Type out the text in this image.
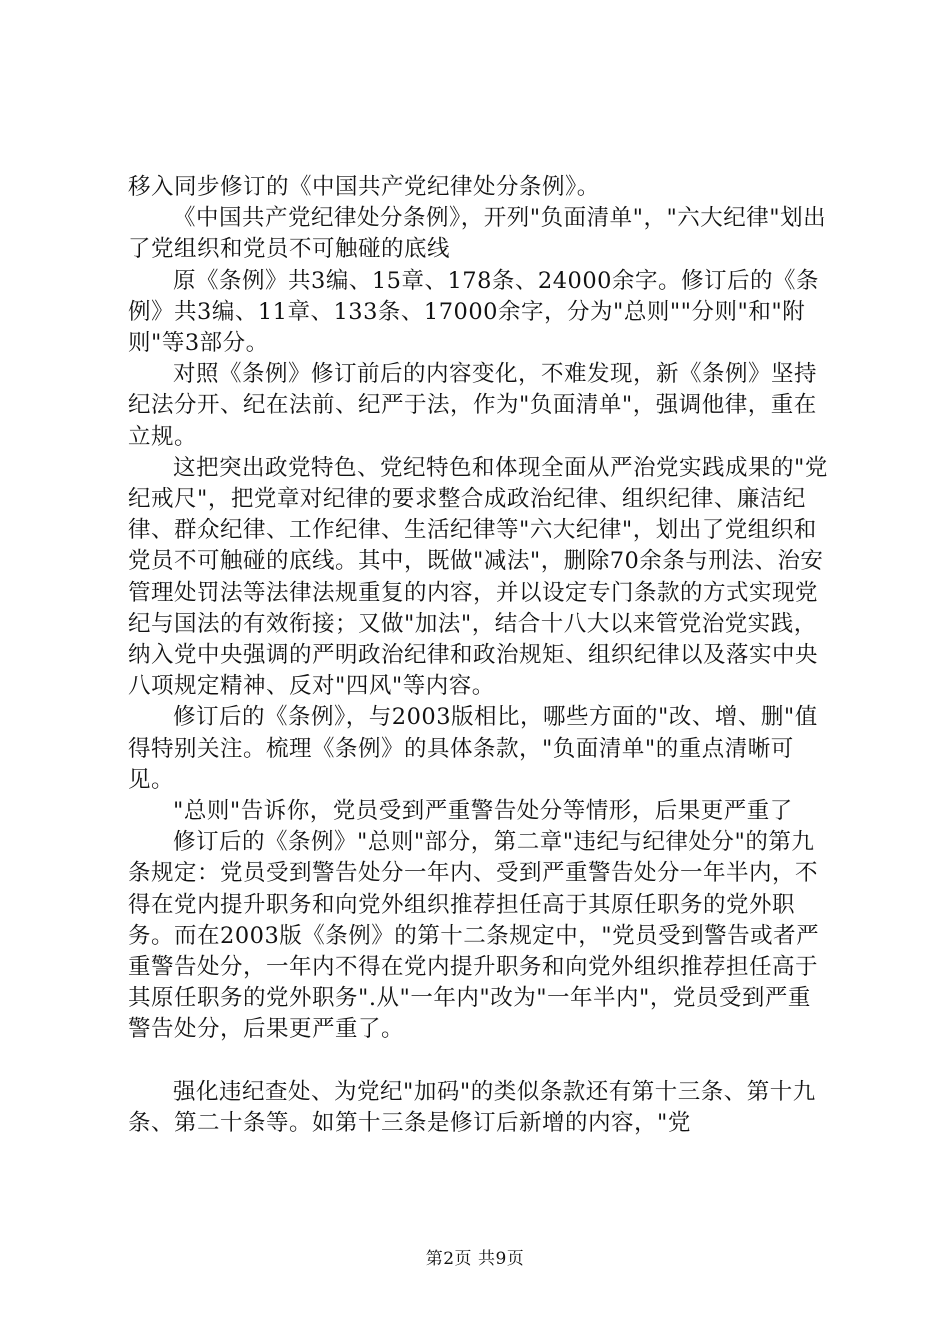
移入同步修订的《中国共产党纪律处分条例》。

《中国共产党纪律处分条例》，开列"负面清单"，"六大纪律"划出了党组织和党员不可触碰的底线

原《条例》共3编、15章、178条、24000余字。修订后的《条例》共3编、11章、133条、17000余字，分为"总则""分则"和"附则"等3部分。

对照《条例》修订前后的内容变化，不难发现，新《条例》坚持纪法分开、纪在法前、纪严于法，作为"负面清单"，强调他律，重在立规。

这把突出政党特色、党纪特色和体现全面从严治党实践成果的"党纪戒尺"，把党章对纪律的要求整合成政治纪律、组织纪律、廉洁纪律、群众纪律、工作纪律、生活纪律等"六大纪律"，划出了党组织和党员不可触碰的底线。其中，既做"减法"，删除70余条与刑法、治安管理处罚法等法律法规重复的内容，并以设定专门条款的方式实现党纪与国法的有效衔接；又做"加法"，结合十八大以来管党治党实践，纳入党中央强调的严明政治纪律和政治规矩、组织纪律以及落实中央八项规定精神、反对"四风"等内容。

修订后的《条例》，与2003版相比，哪些方面的"改、增、删"值得特别关注。梳理《条例》的具体条款，"负面清单"的重点清晰可见。

"总则"告诉你，党员受到严重警告处分等情形，后果更严重了

修订后的《条例》"总则"部分，第二章"违纪与纪律处分"的第九条规定：党员受到警告处分一年内、受到严重警告处分一年半内，不得在党内提升职务和向党外组织推荐担任高于其原任职务的党外职务。而在2003版《条例》的第十二条规定中，"党员受到警告或者严重警告处分，一年内不得在党内提升职务和向党外组织推荐担任高于其原任职务的党外职务".从"一年内"改为"一年半内"，党员受到严重警告处分，后果更严重了。

强化违纪查处、为党纪"加码"的类似条款还有第十三条、第十九条、第二十条等。如第十三条是修订后新增的内容，"党

第2页 共9页
